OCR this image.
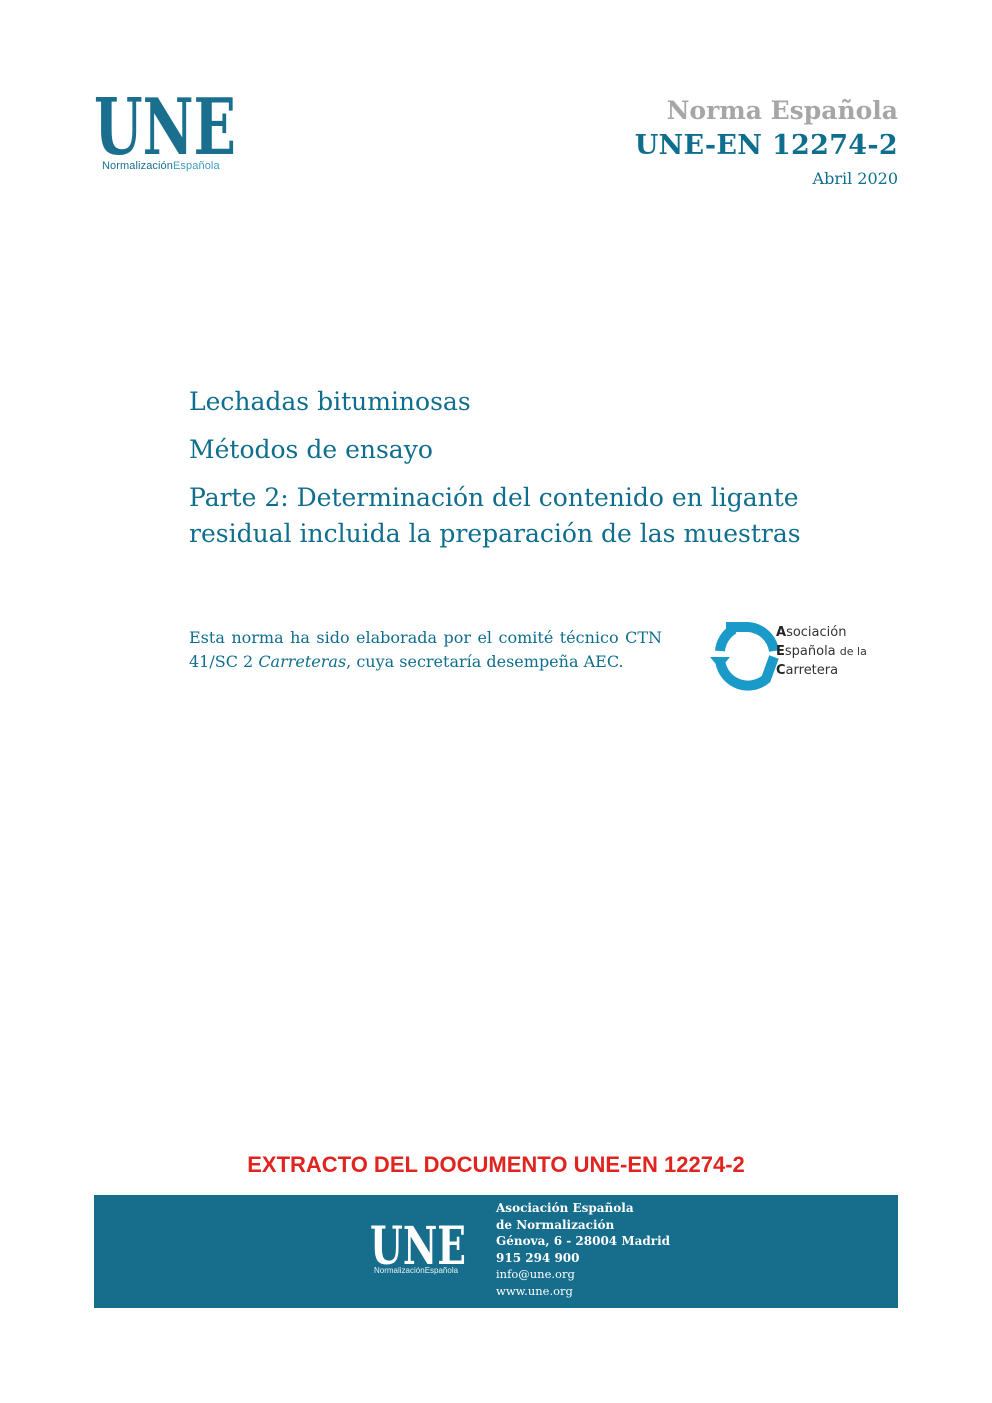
UNE
NormalizaciónEspañola
Norma Española
UNE-EN 12274-2
Abril 2020
Lechadas bituminosas
Métodos de ensayo
Parte 2: Determinación del contenido en ligante residual incluida la preparación de las muestras
Esta norma ha sido elaborada por el comité técnico CTN 41/SC 2 Carreteras, cuya secretaría desempeña AEC.
Asociación
Española de la
Carretera
EXTRACTO DEL DOCUMENTO UNE-EN 12274-2
UNE
NormalizaciónEspañola
Asociación Española
de Normalización
Génova, 6 - 28004 Madrid
915 294 900
info@une.org
www.une.org
